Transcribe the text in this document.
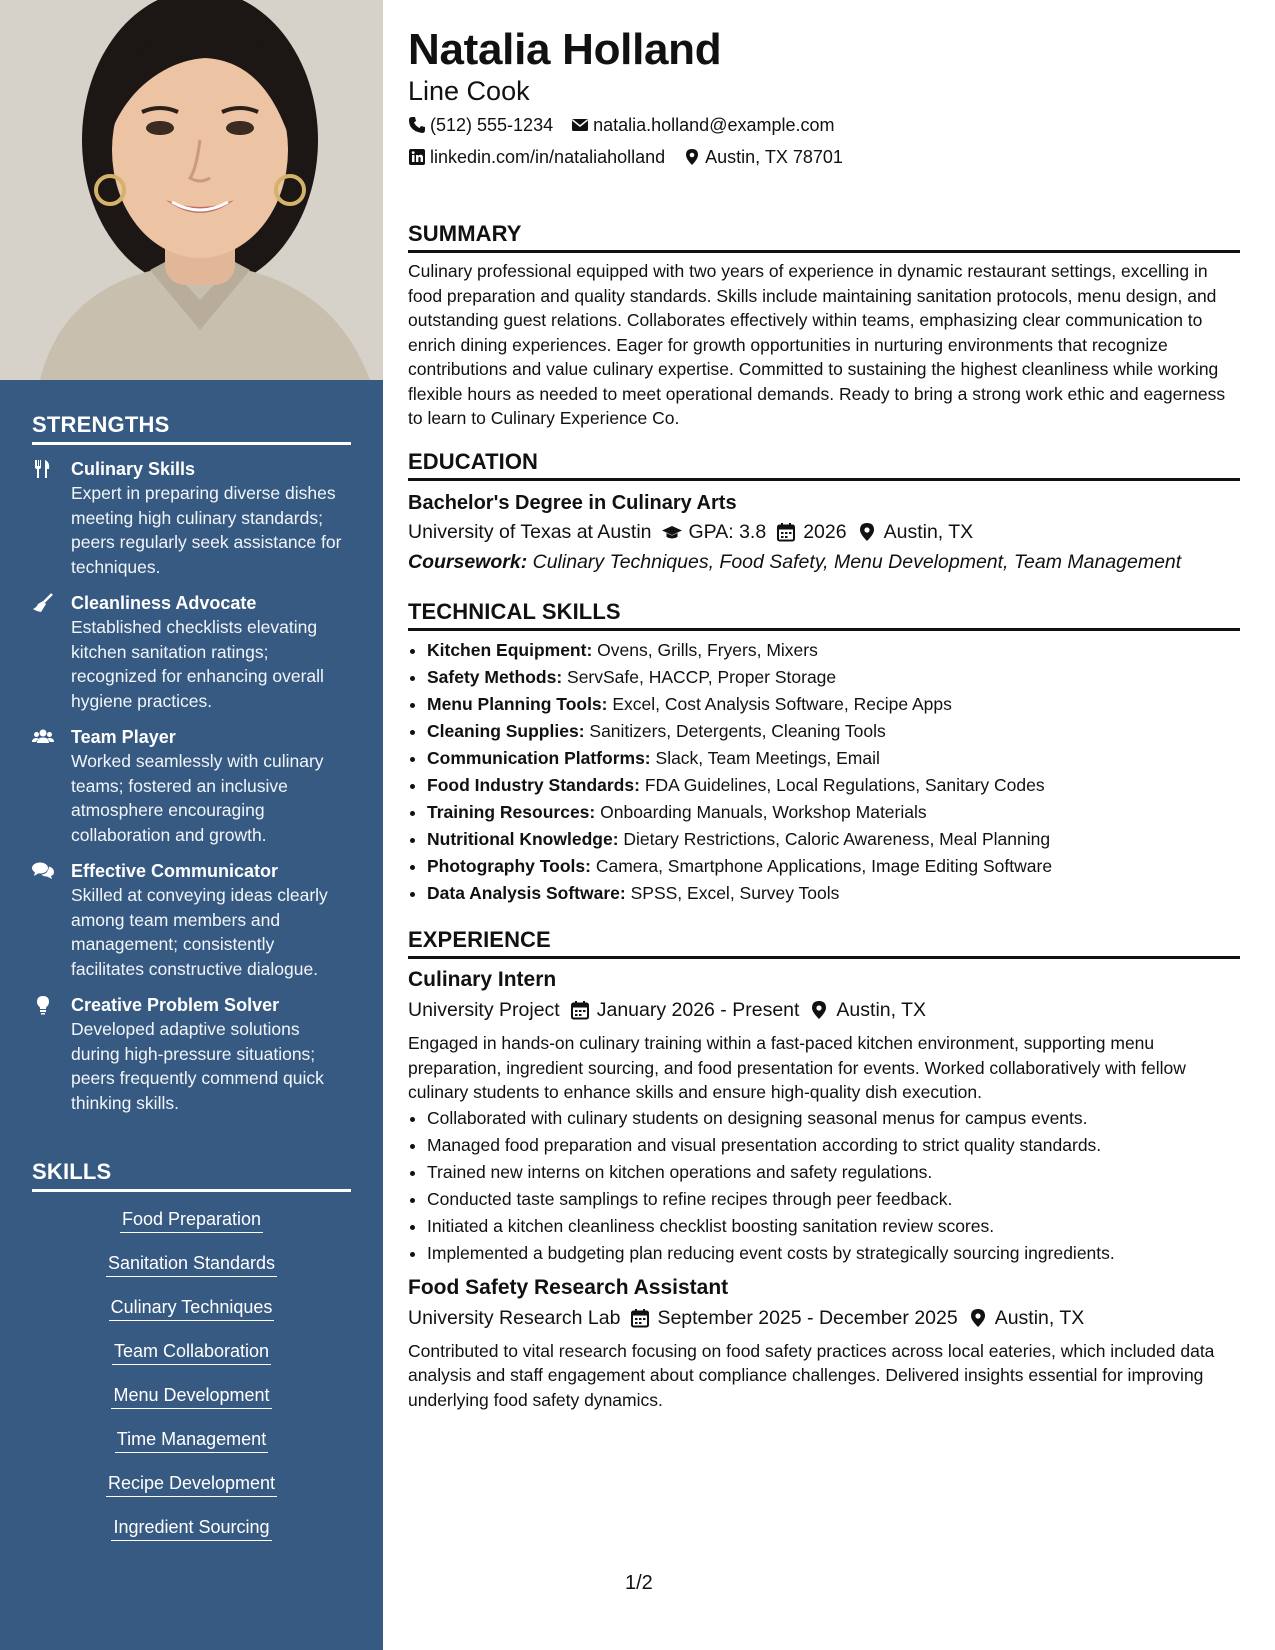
STRENGTHS
Culinary Skills
Expert in preparing diverse dishes meeting high culinary standards; peers regularly seek assistance for techniques.
Cleanliness Advocate
Established checklists elevating kitchen sanitation ratings; recognized for enhancing overall hygiene practices.
Team Player
Worked seamlessly with culinary teams; fostered an inclusive atmosphere encouraging collaboration and growth.
Effective Communicator
Skilled at conveying ideas clearly among team members and management; consistently facilitates constructive dialogue.
Creative Problem Solver
Developed adaptive solutions during high-pressure situations; peers frequently commend quick thinking skills.
SKILLS
Food Preparation
Sanitation Standards
Culinary Techniques
Team Collaboration
Menu Development
Time Management
Recipe Development
Ingredient Sourcing
Natalia Holland
Line Cook
(512) 555-1234 natalia.holland@example.com
linkedin.com/in/nataliaholland Austin, TX 78701
SUMMARY

Culinary professional equipped with two years of experience in dynamic restaurant settings, excelling in food preparation and quality standards. Skills include maintaining sanitation protocols, menu design, and outstanding guest relations. Collaborates effectively within teams, emphasizing clear communication to enrich dining experiences. Eager for growth opportunities in nurturing environments that recognize contributions and value culinary expertise. Committed to sustaining the highest cleanliness while working flexible hours as needed to meet operational demands. Ready to bring a strong work ethic and eagerness to learn to Culinary Experience Co.

EDUCATION
Bachelor's Degree in Culinary Arts
University of Texas at Austin GPA: 3.8 2026 Austin, TX
Coursework: Culinary Techniques, Food Safety, Menu Development, Team Management
TECHNICAL SKILLS
• Kitchen Equipment: Ovens, Grills, Fryers, Mixers
• Safety Methods: ServSafe, HACCP, Proper Storage
• Menu Planning Tools: Excel, Cost Analysis Software, Recipe Apps
• Cleaning Supplies: Sanitizers, Detergents, Cleaning Tools
• Communication Platforms: Slack, Team Meetings, Email
• Food Industry Standards: FDA Guidelines, Local Regulations, Sanitary Codes
• Training Resources: Onboarding Manuals, Workshop Materials
• Nutritional Knowledge: Dietary Restrictions, Caloric Awareness, Meal Planning
• Photography Tools: Camera, Smartphone Applications, Image Editing Software
• Data Analysis Software: SPSS, Excel, Survey Tools
EXPERIENCE
Culinary Intern
University Project January 2026 - Present Austin, TX

Engaged in hands-on culinary training within a fast-paced kitchen environment, supporting menu preparation, ingredient sourcing, and food presentation for events. Worked collaboratively with fellow culinary students to enhance skills and ensure high-quality dish execution.

• Collaborated with culinary students on designing seasonal menus for campus events.
• Managed food preparation and visual presentation according to strict quality standards.
• Trained new interns on kitchen operations and safety regulations.
• Conducted taste samplings to refine recipes through peer feedback.
• Initiated a kitchen cleanliness checklist boosting sanitation review scores.
• Implemented a budgeting plan reducing event costs by strategically sourcing ingredients.
Food Safety Research Assistant
University Research Lab September 2025 - December 2025 Austin, TX

Contributed to vital research focusing on food safety practices across local eateries, which included data analysis and staff engagement about compliance challenges. Delivered insights essential for improving underlying food safety dynamics.

1/2
